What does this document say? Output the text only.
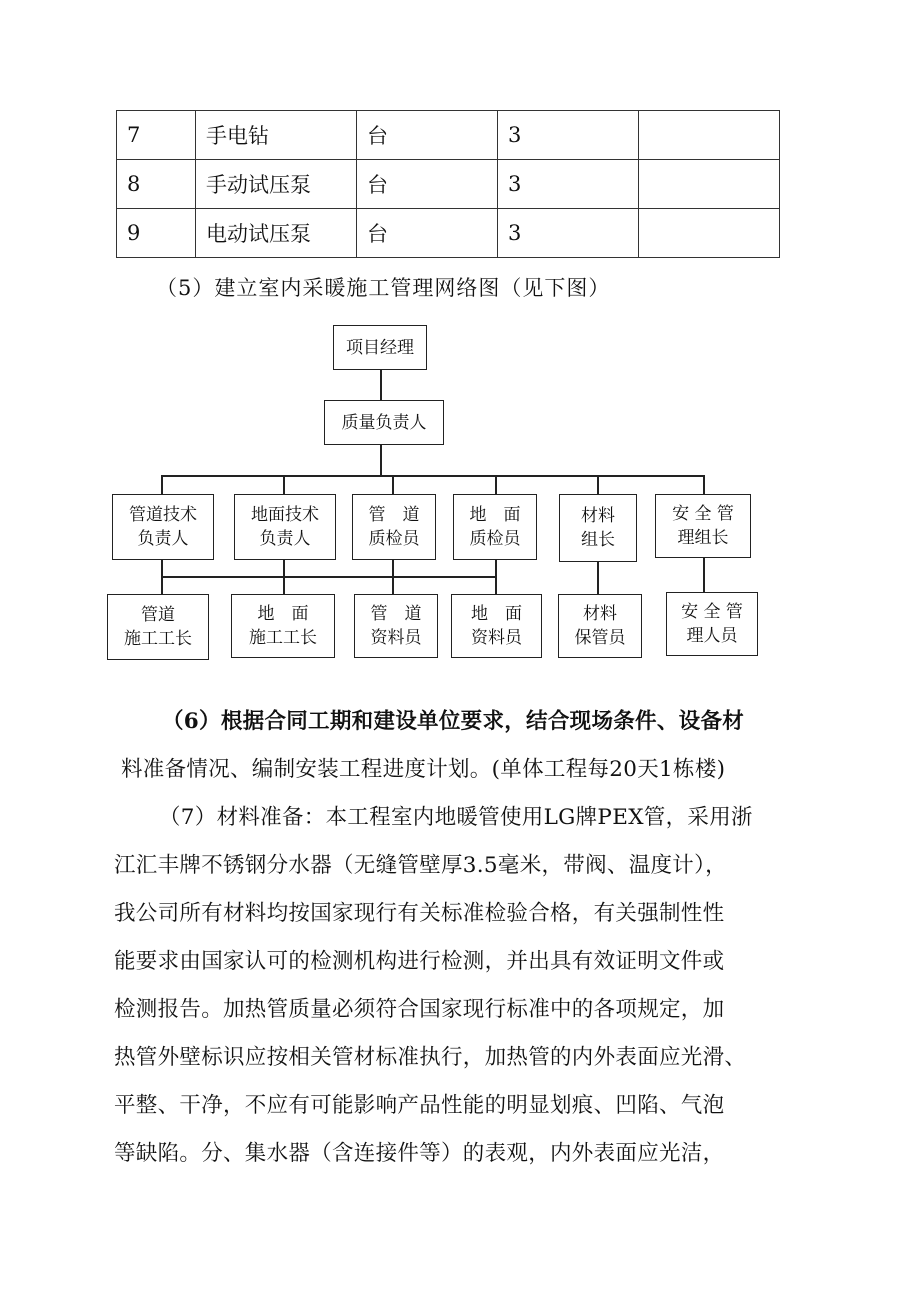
7	手电钻	台	3	
8	手动试压泵	台	3	
9	电动试压泵	台	3	
（5）建立室内采暖施工管理网络图（见下图）
项目经理
质量负责人
管道技术
负责人
地面技术
负责人
管　道
质检员
地　面
质检员
材料
组长
安 全 管
理组长
管道
施工工长
地　面
施工工长
管　道
资料员
地　面
资料员
材料
保管员
安 全 管
理人员
（6）根据合同工期和建设单位要求，结合现场条件、设备材
料准备情况、编制安装工程进度计划。(单体工程每20天1栋楼)
（7）材料准备：本工程室内地暖管使用LG牌PEX管，采用浙
江汇丰牌不锈钢分水器（无缝管壁厚3.5毫米，带阀、温度计），
我公司所有材料均按国家现行有关标准检验合格，有关强制性性
能要求由国家认可的检测机构进行检测，并出具有效证明文件或
检测报告。加热管质量必须符合国家现行标准中的各项规定，加
热管外壁标识应按相关管材标准执行，加热管的内外表面应光滑、
平整、干净，不应有可能影响产品性能的明显划痕、凹陷、气泡
等缺陷。分、集水器（含连接件等）的表观，内外表面应光洁，
